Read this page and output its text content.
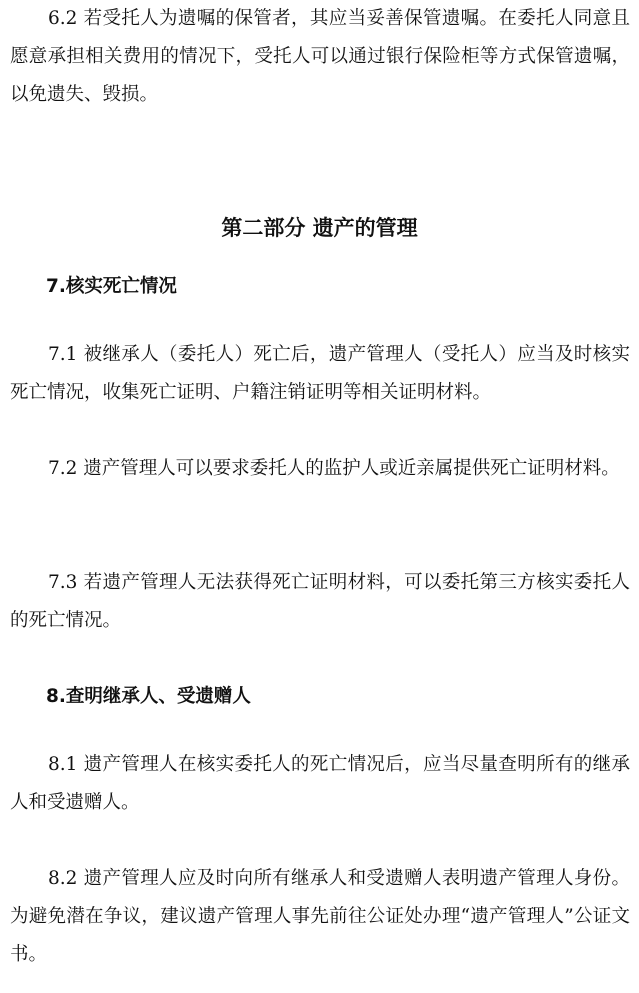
6.2 若受托人为遗嘱的保管者，其应当妥善保管遗嘱。在委托人同意且愿意承担相关费用的情况下，受托人可以通过银行保险柜等方式保管遗嘱，以免遗失、毁损。

第二部分 遗产的管理
7.核实死亡情况

7.1 被继承人（委托人）死亡后，遗产管理人（受托人）应当及时核实死亡情况，收集死亡证明、户籍注销证明等相关证明材料。

7.2 遗产管理人可以要求委托人的监护人或近亲属提供死亡证明材料。

7.3 若遗产管理人无法获得死亡证明材料，可以委托第三方核实委托人的死亡情况。

8.查明继承人、受遗赠人

8.1 遗产管理人在核实委托人的死亡情况后，应当尽量查明所有的继承人和受遗赠人。

8.2 遗产管理人应及时向所有继承人和受遗赠人表明遗产管理人身份。为避免潜在争议，建议遗产管理人事先前往公证处办理“遗产管理人”公证文书。
